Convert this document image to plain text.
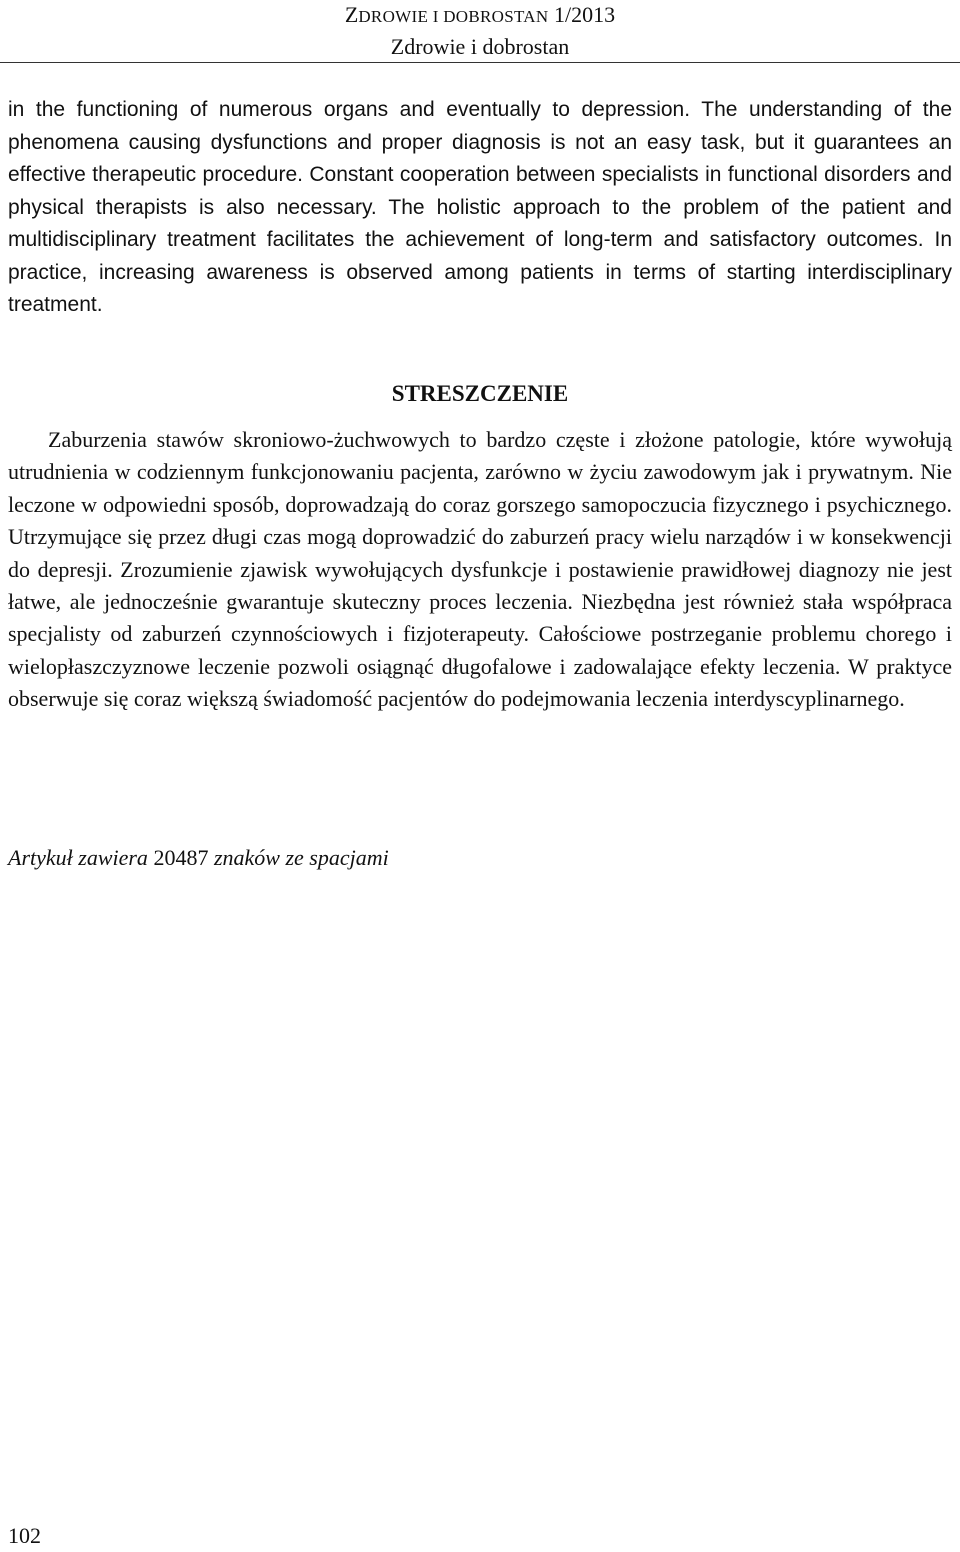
ZDROWIE I DOBROSTAN 1/2013
Zdrowie i dobrostan

in the functioning of numerous organs and eventually to depression. The understanding of the phenomena causing dysfunctions and proper diagnosis is not an easy task, but it guarantees an effective therapeutic procedure. Constant cooperation between specialists in functional disorders and physical therapists is also necessary. The holistic approach to the problem of the patient and multidisciplinary treatment facilitates the achievement of long-term and satisfactory outcomes. In practice, increasing awareness is observed among patients in terms of starting interdisciplinary treatment.

STRESZCZENIE

Zaburzenia stawów skroniowo-żuchwowych to bardzo częste i złożone patologie, które wywołują utrudnienia w codziennym funkcjonowaniu pacjenta, zarówno w życiu zawodowym jak i prywatnym. Nie leczone w odpowiedni sposób, doprowadzają do coraz gorszego samopoczucia fizycznego i psychicznego. Utrzymujące się przez długi czas mogą doprowadzić do zaburzeń pracy wielu narządów i w konsekwencji do depresji. Zrozumienie zjawisk wywołujących dysfunkcje i postawienie prawidłowej diagnozy nie jest łatwe, ale jednocześnie gwarantuje skuteczny proces leczenia. Niezbędna jest również stała współpraca specjalisty od zaburzeń czynnościowych i fizjoterapeuty. Całościowe postrzeganie problemu chorego i wielopłaszczyznowe leczenie pozwoli osiągnąć długofalowe i zadowalające efekty leczenia. W praktyce obserwuje się coraz większą świadomość pacjentów do podejmowania leczenia interdyscyplinarnego.

Artykuł zawiera 20487 znaków ze spacjami

102
